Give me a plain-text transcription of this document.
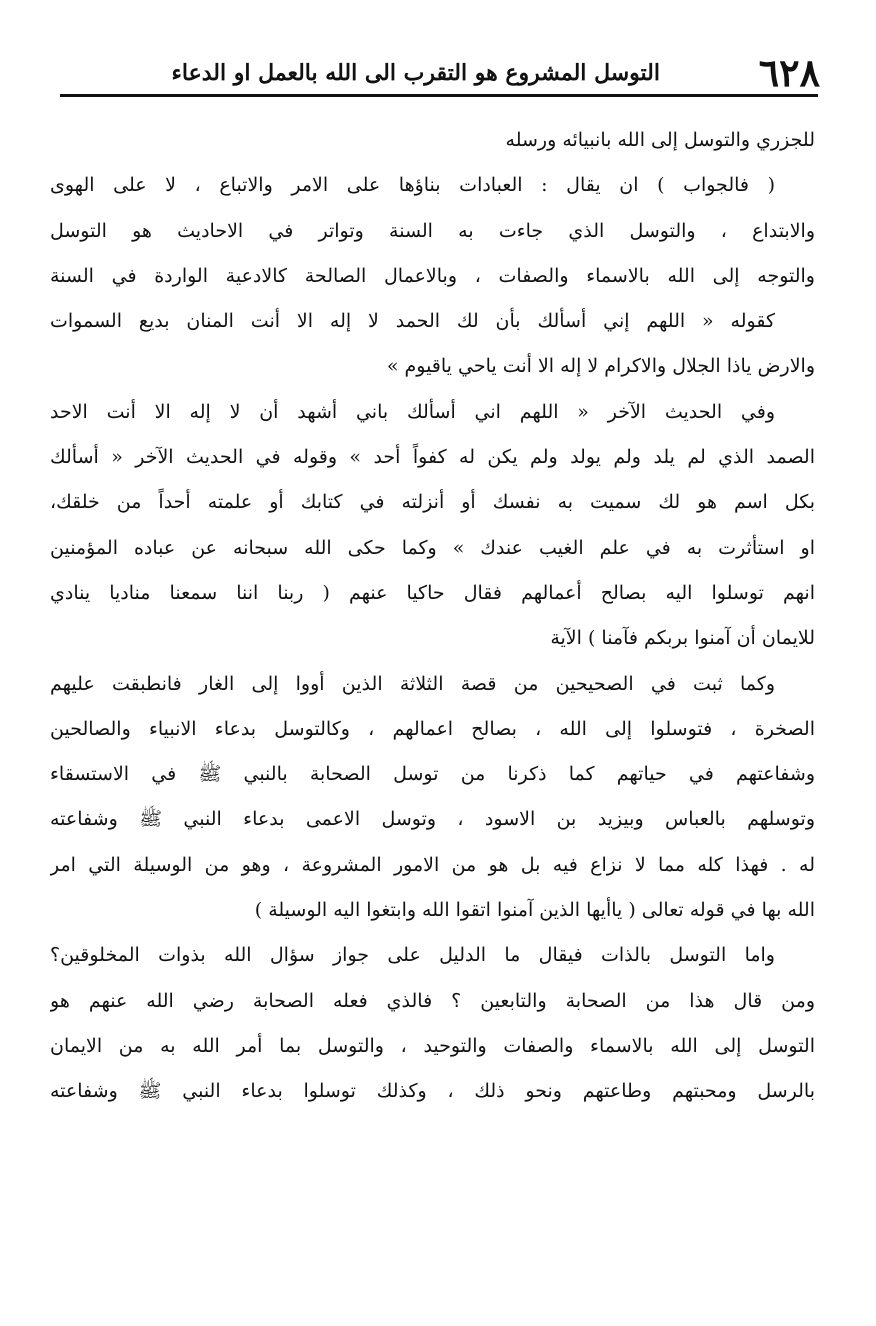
٦٢٨
التوسل المشروع هو التقرب الى الله بالعمل او الدعاء
للجزري والتوسل إلى الله بانبيائه ورسله
( فالجواب ) ان يقال : العبادات بناؤها على الامر والاتباع ، لا على الهوى
والابتداع ، والتوسل الذي جاءت به السنة وتواتر في الاحاديث هو التوسل
والتوجه إلى الله بالاسماء والصفات ، وبالاعمال الصالحة كالادعية الواردة في السنة
كقوله « اللهم إني أسألك بأن لك الحمد لا إله الا أنت المنان بديع السموات
والارض ياذا الجلال والاكرام لا إله الا أنت ياحي ياقيوم »
وفي الحديث الآخر « اللهم اني أسألك باني أشهد أن لا إله الا أنت الاحد
الصمد الذي لم يلد ولم يولد ولم يكن له كفواً أحد » وقوله في الحديث الآخر « أسألك
بكل اسم هو لك سميت به نفسك أو أنزلته في كتابك أو علمته أحداً من خلقك،
او استأثرت به في علم الغيب عندك » وكما حكى الله سبحانه عن عباده المؤمنين
انهم توسلوا اليه بصالح أعمالهم فقال حاكيا عنهم ( ربنا اننا سمعنا مناديا ينادي
للايمان أن آمنوا بربكم فآمنا ) الآية
وكما ثبت في الصحيحين من قصة الثلاثة الذين أووا إلى الغار فانطبقت عليهم
الصخرة ، فتوسلوا إلى الله ، بصالح اعمالهم ، وكالتوسل بدعاء الانبياء والصالحين
وشفاعتهم في حياتهم كما ذكرنا من توسل الصحابة بالنبي ﷺ في الاستسقاء
وتوسلهم بالعباس وبيزيد بن الاسود ، وتوسل الاعمى بدعاء النبي ﷺ وشفاعته
له . فهذا كله مما لا نزاع فيه بل هو من الامور المشروعة ، وهو من الوسيلة التي امر
الله بها في قوله تعالى ( ياأيها الذين آمنوا اتقوا الله وابتغوا اليه الوسيلة )
واما التوسل بالذات فيقال ما الدليل على جواز سؤال الله بذوات المخلوقين؟
ومن قال هذا من الصحابة والتابعين ؟ فالذي فعله الصحابة رضي الله عنهم هو
التوسل إلى الله بالاسماء والصفات والتوحيد ، والتوسل بما أمر الله به من الايمان
بالرسل ومحبتهم وطاعتهم ونحو ذلك ، وكذلك توسلوا بدعاء النبي ﷺ وشفاعته
